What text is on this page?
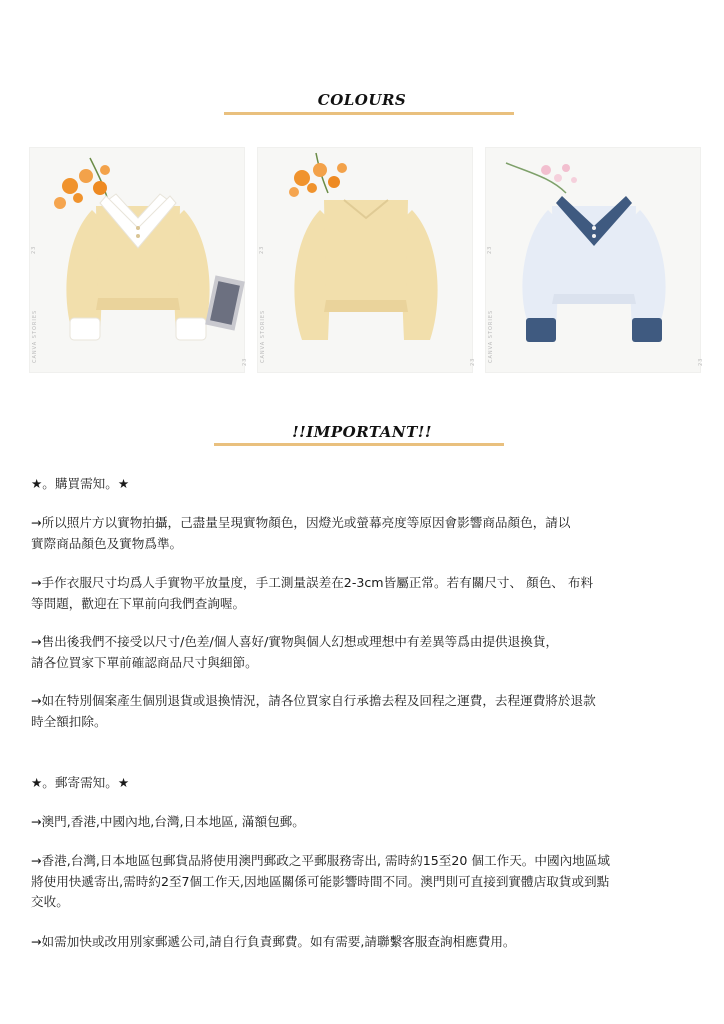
COLOURS
CANVA STORIES
23
23 CANVA STORIES
23
23 CANVA STORIES
23
23
!!IMPORTANT!!
★。購買需知。★

→所以照片方以實物拍攝，己盡量呈現實物顏色，因燈光或螢幕亮度等原因會影響商品顏色，請以

實際商品顏色及實物爲準。

→手作衣服尺寸均爲人手實物平放量度，手工測量誤差在2-3cm皆屬正常。若有關尺寸、 顏色、 布料

等問題，歡迎在下單前向我們查詢喔。

→售出後我們不接受以尺寸/色差/個人喜好/實物與個人幻想或理想中有差異等爲由提供退換貨，

請各位買家下單前確認商品尺寸與細節。

→如在特別個案產生個別退貨或退換情況，請各位買家自行承擔去程及回程之運費，去程運費將於退款

時全額扣除。

★。郵寄需知。★

→澳門,香港,中國內地,台灣,日本地區, 滿額包郵。

→香港,台灣,日本地區包郵貨品將使用澳門郵政之平郵服務寄出, 需時約15至20 個工作天。中國內地區域

將使用快遞寄出,需時約2至7個工作天,因地區關係可能影響時間不同。澳門則可直接到實體店取貨或到點

交收。

→如需加快或改用別家郵遞公司,請自行負責郵費。如有需要,請聯繫客服查詢相應費用。
